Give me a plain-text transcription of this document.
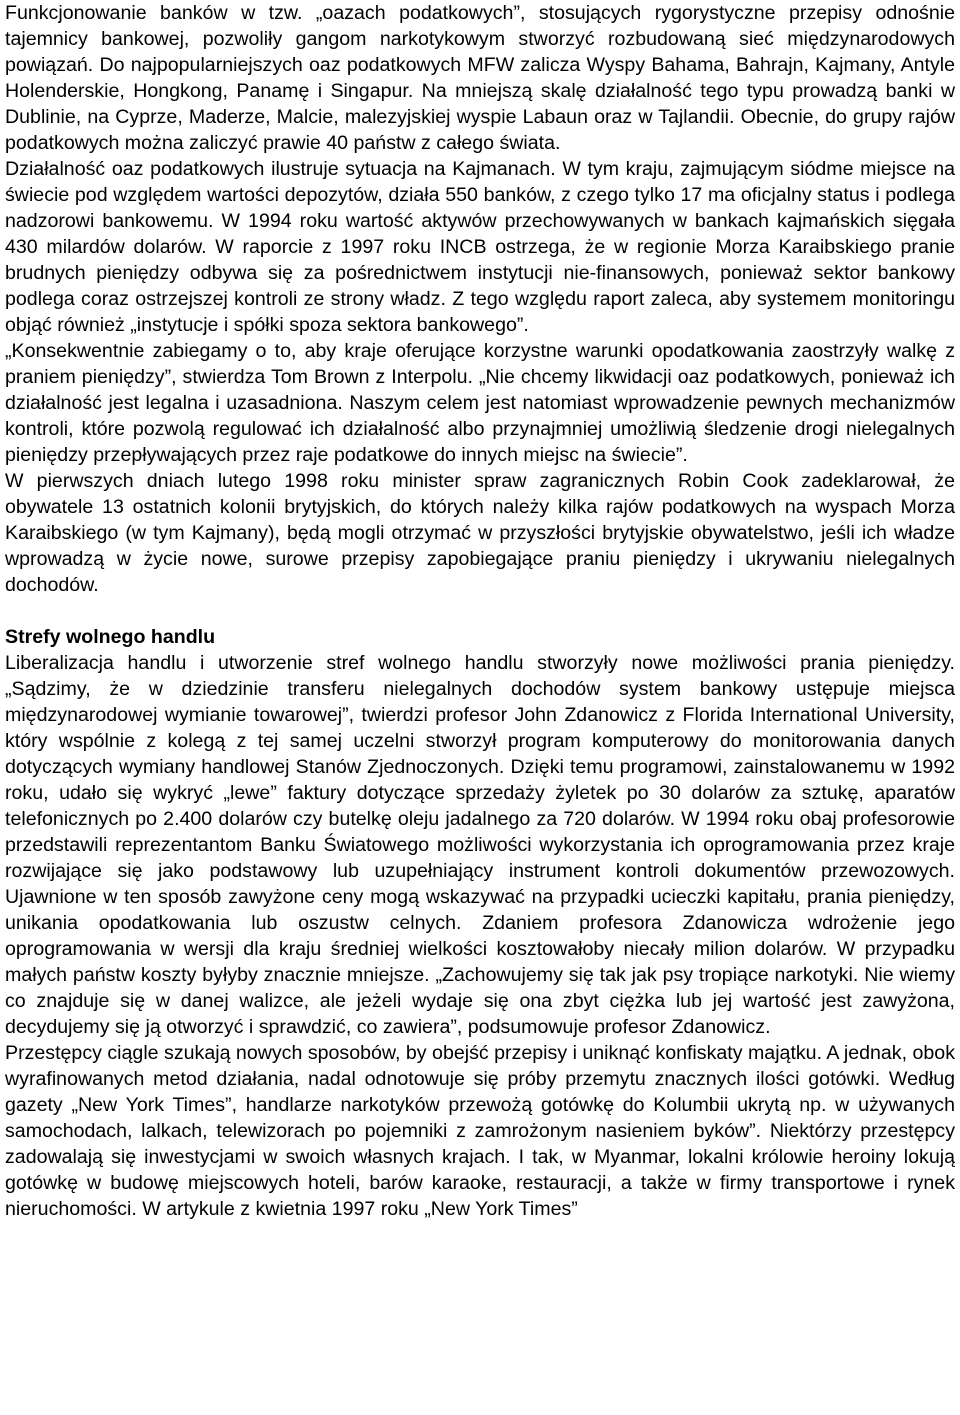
Funkcjonowanie banków w tzw. „oazach podatkowych”, stosujących rygorystyczne przepisy odnośnie tajemnicy bankowej, pozwoliły gangom narkotykowym stworzyć rozbudowaną sieć międzynarodowych powiązań. Do najpopularniejszych oaz podatkowych MFW zalicza Wyspy Bahama, Bahrajn, Kajmany, Antyle Holenderskie, Hongkong, Panamę i Singapur. Na mniejszą skalę działalność tego typu prowadzą banki w Dublinie, na Cyprze, Maderze, Malcie, malezyjskiej wyspie Labaun oraz w Tajlandii. Obecnie, do grupy rajów podatkowych można zaliczyć prawie 40 państw z całego świata.

Działalność oaz podatkowych ilustruje sytuacja na Kajmanach. W tym kraju, zajmującym siódme miejsce na świecie pod względem wartości depozytów, działa 550 banków, z czego tylko 17 ma oficjalny status i podlega nadzorowi bankowemu. W 1994 roku wartość aktywów przechowywanych w bankach kajmańskich sięgała 430 milardów dolarów. W raporcie z 1997 roku INCB ostrzega, że w regionie Morza Karaibskiego pranie brudnych pieniędzy odbywa się za pośrednictwem instytucji nie-finansowych, ponieważ sektor bankowy podlega coraz ostrzejszej kontroli ze strony władz. Z tego względu raport zaleca, aby systemem monitoringu objąć również „instytucje i spółki spoza sektora bankowego”.

„Konsekwentnie zabiegamy o to, aby kraje oferujące korzystne warunki opodatkowania zaostrzyły walkę z praniem pieniędzy”, stwierdza Tom Brown z Interpolu. „Nie chcemy likwidacji oaz podatkowych, ponieważ ich działalność jest legalna i uzasadniona. Naszym celem jest natomiast wprowadzenie pewnych mechanizmów kontroli, które pozwolą regulować ich działalność albo przynajmniej umożliwią śledzenie drogi nielegalnych pieniędzy przepływających przez raje podatkowe do innych miejsc na świecie”.

W pierwszych dniach lutego 1998 roku minister spraw zagranicznych Robin Cook zadeklarował, że obywatele 13 ostatnich kolonii brytyjskich, do których należy kilka rajów podatkowych na wyspach Morza Karaibskiego (w tym Kajmany), będą mogli otrzymać w przyszłości brytyjskie obywatelstwo, jeśli ich władze wprowadzą w życie nowe, surowe przepisy zapobiegające praniu pieniędzy i ukrywaniu nielegalnych dochodów.

Strefy wolnego handlu

Liberalizacja handlu i utworzenie stref wolnego handlu stworzyły nowe możliwości prania pieniędzy. „Sądzimy, że w dziedzinie transferu nielegalnych dochodów system bankowy ustępuje miejsca międzynarodowej wymianie towarowej”, twierdzi profesor John Zdanowicz z Florida International University, który wspólnie z kolegą z tej samej uczelni stworzył program komputerowy do monitorowania danych dotyczących wymiany handlowej Stanów Zjednoczonych. Dzięki temu programowi, zainstalowanemu w 1992 roku, udało się wykryć „lewe” faktury dotyczące sprzedaży żyletek po 30 dolarów za sztukę, aparatów telefonicznych po 2.400 dolarów czy butelkę oleju jadalnego za 720 dolarów. W 1994 roku obaj profesorowie przedstawili reprezentantom Banku Światowego możliwości wykorzystania ich oprogramowania przez kraje rozwijające się jako podstawowy lub uzupełniający instrument kontroli dokumentów przewozowych. Ujawnione w ten sposób zawyżone ceny mogą wskazywać na przypadki ucieczki kapitału, prania pieniędzy, unikania opodatkowania lub oszustw celnych. Zdaniem profesora Zdanowicza wdrożenie jego oprogramowania w wersji dla kraju średniej wielkości kosztowałoby niecały milion dolarów. W przypadku małych państw koszty byłyby znacznie mniejsze. „Zachowujemy się tak jak psy tropiące narkotyki. Nie wiemy co znajduje się w danej walizce, ale jeżeli wydaje się ona zbyt ciężka lub jej wartość jest zawyżona, decydujemy się ją otworzyć i sprawdzić, co zawiera”, podsumowuje profesor Zdanowicz.

Przestępcy ciągle szukają nowych sposobów, by obejść przepisy i uniknąć konfiskaty majątku. A jednak, obok wyrafinowanych metod działania, nadal odnotowuje się próby przemytu znacznych ilości gotówki. Według gazety „New York Times”, handlarze narkotyków przewożą gotówkę do Kolumbii ukrytą np. w używanych samochodach, lalkach, telewizorach po pojemniki z zamrożonym nasieniem byków”. Niektórzy przestępcy zadowalają się inwestycjami w swoich własnych krajach. I tak, w Myanmar, lokalni królowie heroiny lokują gotówkę w budowę miejscowych hoteli, barów karaoke, restauracji, a także w firmy transportowe i rynek nieruchomości. W artykule z kwietnia 1997 roku „New York Times”
